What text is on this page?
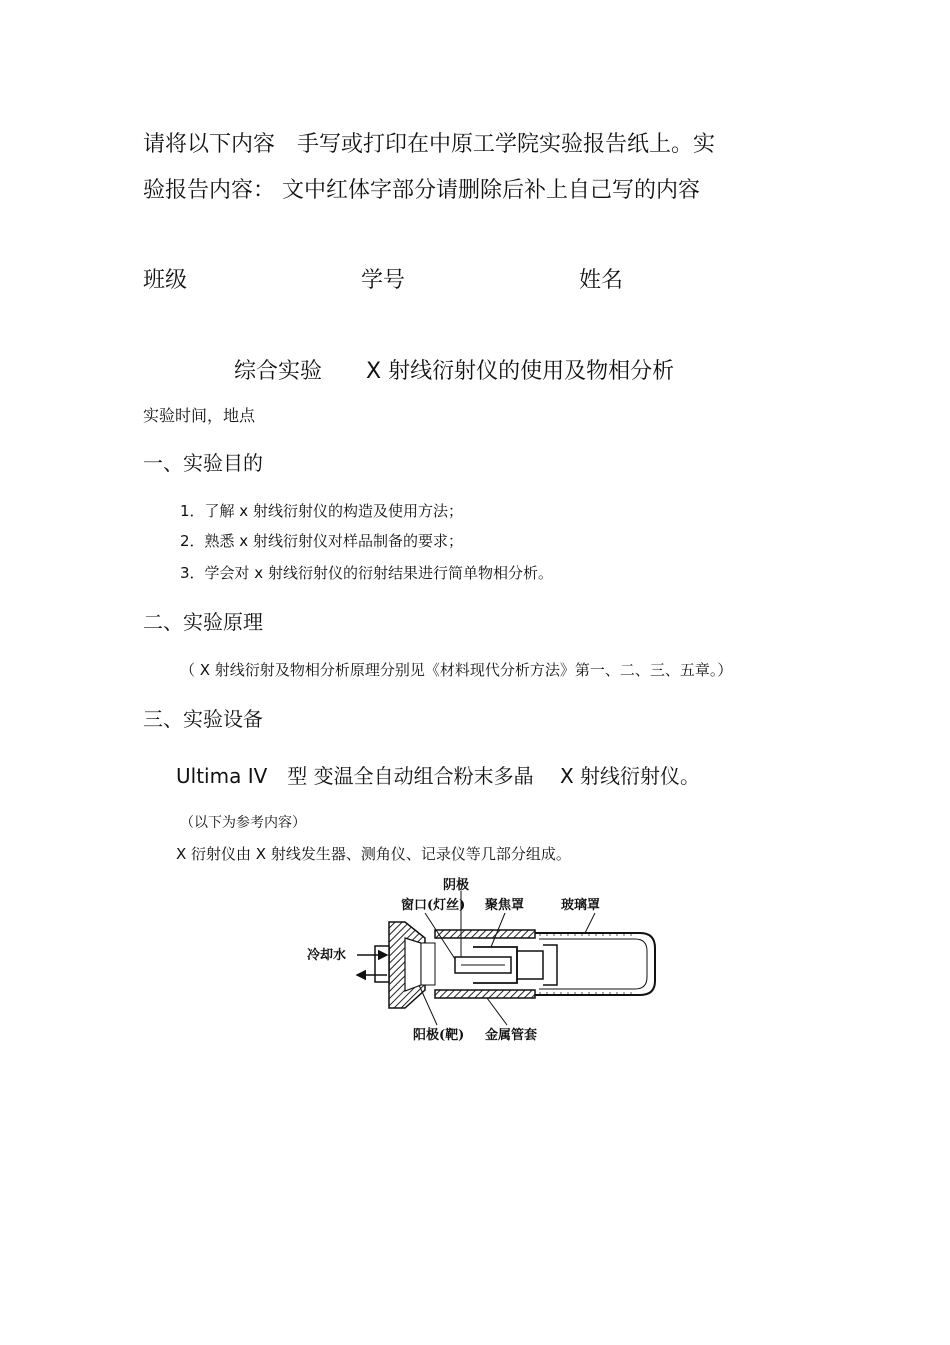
请将以下内容　手写或打印在中原工学院实验报告纸上。实
验报告内容： 文中红体字部分请删除后补上自己写的内容
班级	学号	姓名
综合实验　　X 射线衍射仪的使用及物相分析
实验时间，地点
一、实验目的
1．了解 x 射线衍射仪的构造及使用方法；
2．熟悉 x 射线衍射仪对样品制备的要求；
3．学会对 x 射线衍射仪的衍射结果进行简单物相分析。
二、实验原理
（ X 射线衍射及物相分析原理分别见《材料现代分析方法》第一、二、三、五章。）
三、实验设备
Ultima IV　型 变温全自动组合粉末多晶　 X 射线衍射仪。
（以下为参考内容）
X 衍射仪由 X 射线发生器、测角仪、记录仪等几部分组成。
阴极
窗口(灯丝) 聚焦罩	玻璃罩
冷却水
阳极(靶) 金属管套
